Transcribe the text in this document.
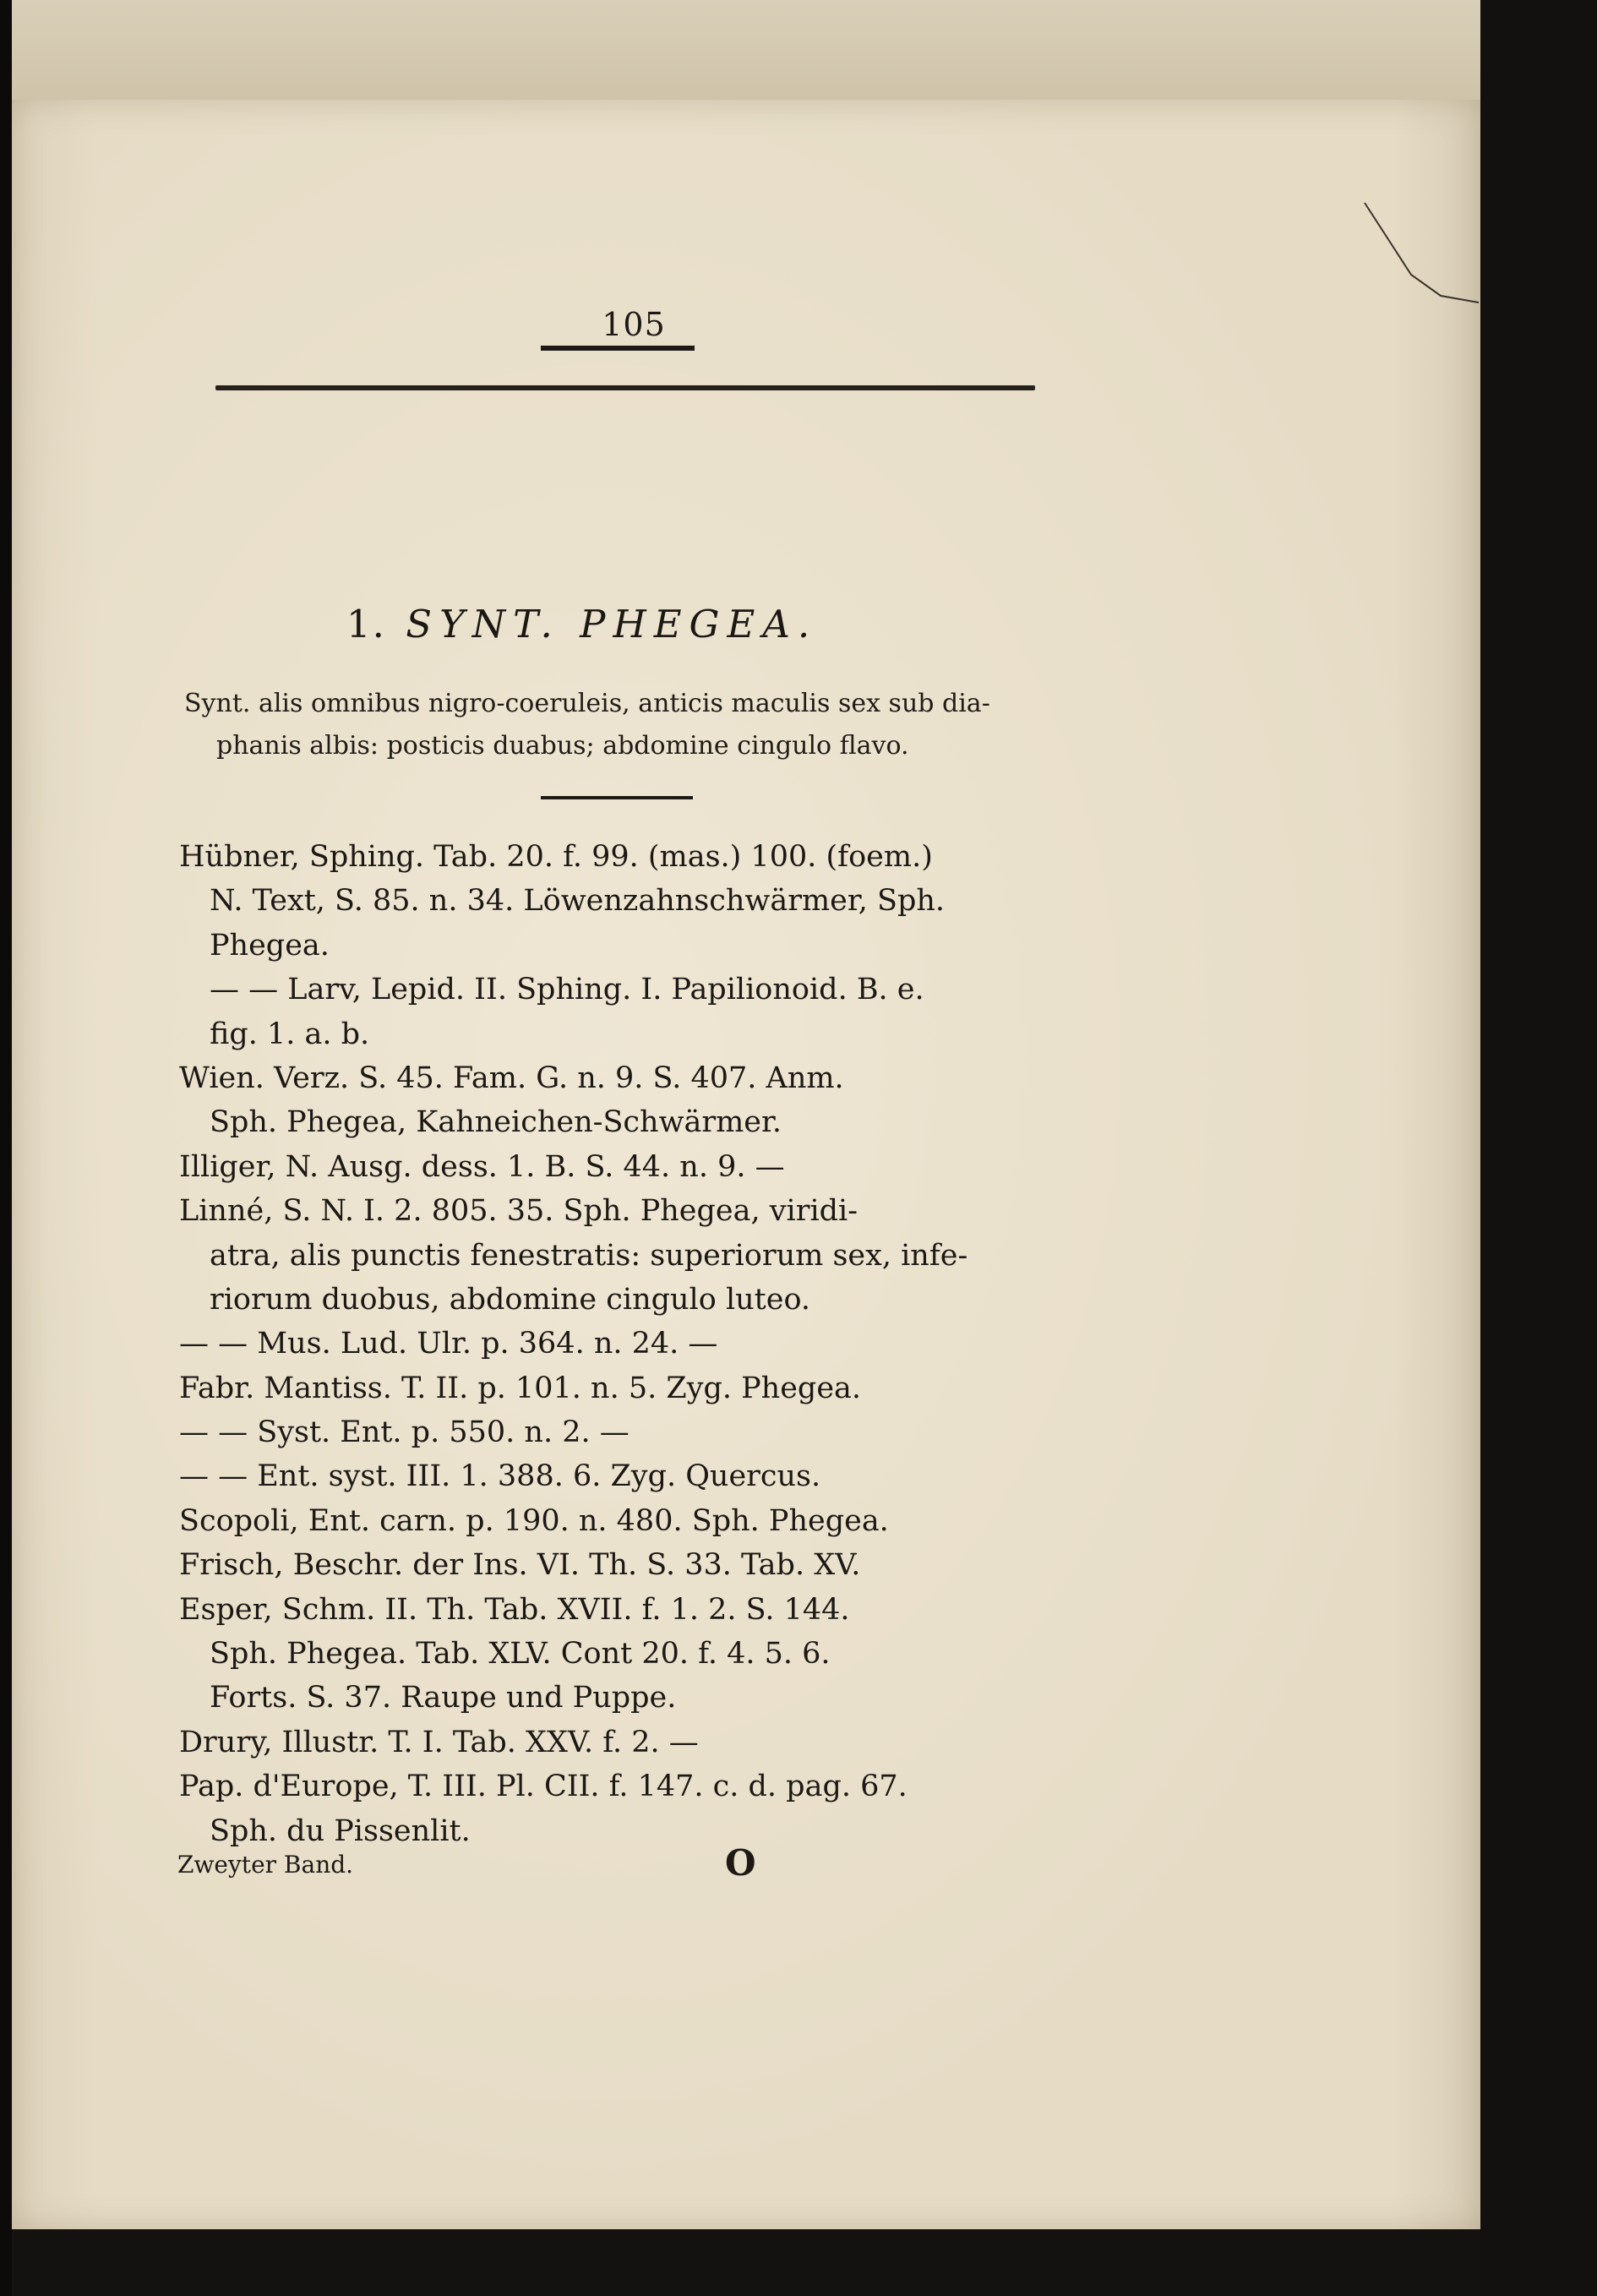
105
1. SYNT. PHEGEA.
Synt. alis omnibus nigro-coeruleis, anticis maculis sex sub dia-
phanis albis: posticis duabus; abdomine cingulo flavo.
Hübner, Sphing. Tab. 20. f. 99. (mas.) 100. (foem.)
N. Text, S. 85. n. 34. Löwenzahnschwärmer, Sph.
Phegea.
— — Larv, Lepid. II. Sphing. I. Papilionoid. B. e.
fig. 1. a. b.
Wien. Verz. S. 45. Fam. G. n. 9. S. 407. Anm.
Sph. Phegea, Kahneichen-Schwärmer.
Illiger, N. Ausg. dess. 1. B. S. 44. n. 9. —
Linné, S. N. I. 2. 805. 35. Sph. Phegea, viridi-
atra, alis punctis fenestratis: superiorum sex, infe-
riorum duobus, abdomine cingulo luteo.
— — Mus. Lud. Ulr. p. 364. n. 24. —
Fabr. Mantiss. T. II. p. 101. n. 5. Zyg. Phegea.
— — Syst. Ent. p. 550. n. 2. —
— — Ent. syst. III. 1. 388. 6. Zyg. Quercus.
Scopoli, Ent. carn. p. 190. n. 480. Sph. Phegea.
Frisch, Beschr. der Ins. VI. Th. S. 33. Tab. XV.
Esper, Schm. II. Th. Tab. XVII. f. 1. 2. S. 144.
Sph. Phegea. Tab. XLV. Cont 20. f. 4. 5. 6.
Forts. S. 37. Raupe und Puppe.
Drury, Illustr. T. I. Tab. XXV. f. 2. —
Pap. d'Europe, T. III. Pl. CII. f. 147. c. d. pag. 67.
Sph. du Pissenlit.
Zweyter Band.	O
